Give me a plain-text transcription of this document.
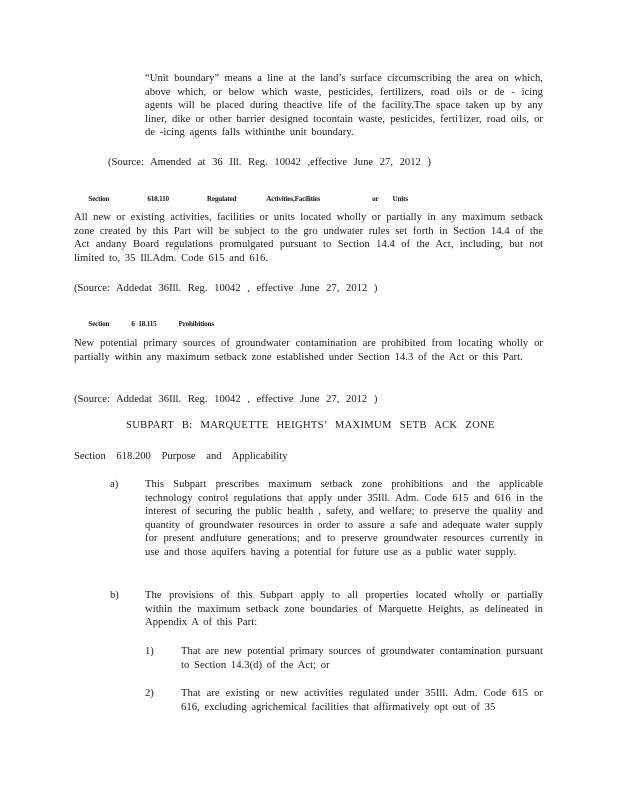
“Unit boundary” means a line at the land’s surface circumscribing the area on which, above which, or below which waste, pesticides, fertilizers, road oils or de - icing agents will be placed during theactive life of the facility.The space taken up by any liner, dike or other barrier designed tocontain waste, pesticides, ferti1izer, road oils, or de -icing agents falls withinthe unit boundary.

(Source: Amended at 36 Ill. Reg. 10042 ,effective June 27, 2012 )

Section	618.110	Regulated	Activities,Facilities	or Units

All new or existing activities, facilities or units located wholly or partially in any maximum setback zone created by this Part will be subject to the gro undwater rules set forth in Section 14.4 of the Act andany Board regulations promulgated pursuant to Section 14.4 of the Act, including, but not limited to, 35 Ill.Adm. Code 615 and 616.

(Source: Addedat 36Ill. Reg. 10042 , effective June 27, 2012 )

Section	6 18.115	Prohibitions

New potential primary sources of groundwater contamination are prohibited from locating wholly or partially within any maximum setback zone established under Section 14.3 of the Act or this Part.

(Source: Addedat 36Ill. Reg. 10042 , effective June 27, 2012 )

SUBPART B: MARQUETTE HEIGHTS’ MAXIMUM SETB ACK ZONE

Section 618.200 Purpose and Applicability

a)	This Subpart prescribes maximum setback zone prohibitions and the applicable technology control regulations that apply under 35Ill. Adm. Code 615 and 616 in the interest of securing the public health , safety, and welfare; to preserve the quality and quantity of groundwater resources in order to assure a safe and adequate water supply for present andfuture generations; and to preserve groundwater resources currently in use and those aquifers having a potential for future use as a public water supply.

b) The provisions of this Subpart apply to all properties located wholly or partially within the maximum setback zone boundaries of Marquette Heights, as delineated in Appendix A of this Part:

1)	That are new potential primary sources of groundwater contamination pursuant to Section 14.3(d) of the Act; or

2)	That are existing or new activities regulated under 35Ill. Adm. Code 615 or 616, excluding agrichemical facilities that affirmatively opt out of 35
